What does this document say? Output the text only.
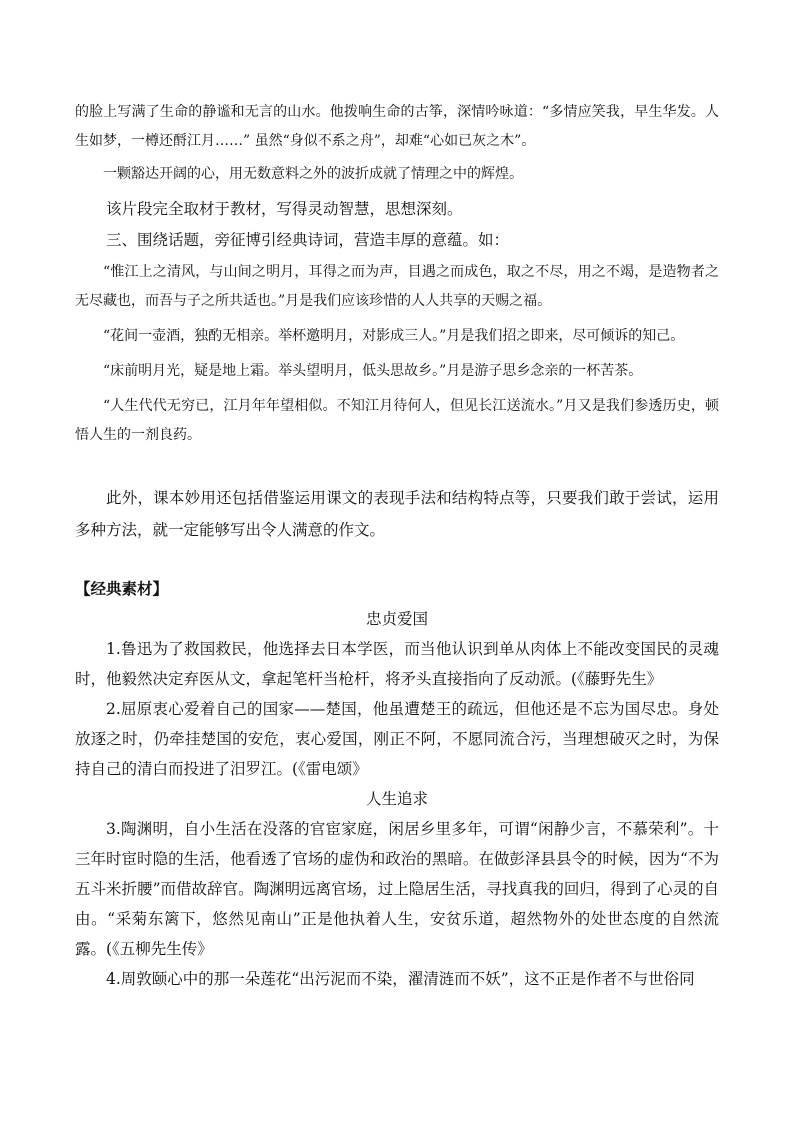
的脸上写满了生命的静谧和无言的山水。他拨响生命的古筝，深情吟咏道：“多情应笑我，早生华发。人生如梦，一樽还酹江月……” 虽然“身似不系之舟”，却难“心如已灰之木”。

一颗豁达开阔的心，用无数意料之外的波折成就了情理之中的辉煌。

该片段完全取材于教材，写得灵动智慧，思想深刻。

三、围绕话题，旁征博引经典诗词，营造丰厚的意蕴。如：

“惟江上之清风，与山间之明月，耳得之而为声，目遇之而成色，取之不尽，用之不竭，是造物者之无尽藏也，而吾与子之所共适也。”月是我们应该珍惜的人人共享的天赐之福。

“花间一壶酒，独酌无相亲。举杯邀明月，对影成三人。”月是我们招之即来，尽可倾诉的知己。

“床前明月光，疑是地上霜。举头望明月，低头思故乡。”月是游子思乡念亲的一杯苦茶。

“人生代代无穷已，江月年年望相似。不知江月待何人，但见长江送流水。”月又是我们参透历史，顿悟人生的一剂良药。

此外，课本妙用还包括借鉴运用课文的表现手法和结构特点等，只要我们敢于尝试，运用多种方法，就一定能够写出令人满意的作文。

【经典素材】

忠贞爱国

1.鲁迅为了救国救民，他选择去日本学医，而当他认识到单从肉体上不能改变国民的灵魂时，他毅然决定弃医从文，拿起笔杆当枪杆，将矛头直接指向了反动派。(《藤野先生》

2.屈原衷心爱着自己的国家——楚国，他虽遭楚王的疏远，但他还是不忘为国尽忠。身处放逐之时，仍牵挂楚国的安危，衷心爱国，刚正不阿，不愿同流合污，当理想破灭之时，为保持自己的清白而投进了汨罗江。(《雷电颂》

人生追求

3.陶渊明，自小生活在没落的官宦家庭，闲居乡里多年，可谓“闲静少言，不慕荣利”。十三年时宦时隐的生活，他看透了官场的虚伪和政治的黑暗。在做彭泽县县令的时候，因为“不为五斗米折腰”而借故辞官。陶渊明远离官场，过上隐居生活，寻找真我的回归，得到了心灵的自由。“采菊东篱下，悠然见南山”正是他执着人生，安贫乐道，超然物外的处世态度的自然流露。(《五柳先生传》

4.周敦颐心中的那一朵莲花“出污泥而不染，濯清涟而不妖”，这不正是作者不与世俗同
